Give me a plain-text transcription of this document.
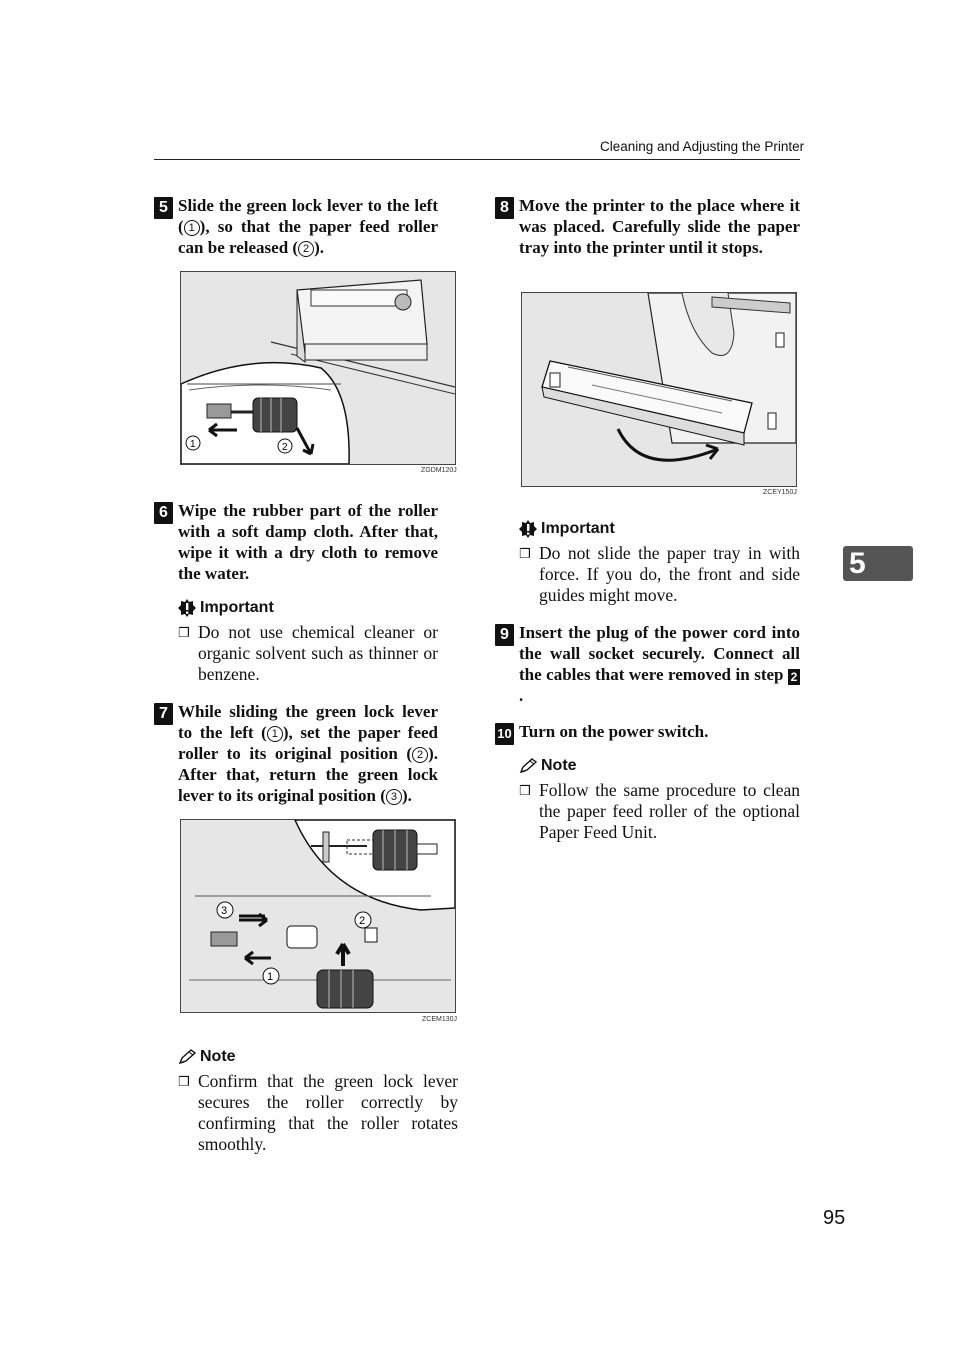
Cleaning and Adjusting the Printer
5 Slide the green lock lever to the left ( 1 ), so that the paper feed roller can be released ( 2 ).
1	2
ZGDM120J
6 Wipe the rubber part of the roller with a soft damp cloth. After that, wipe it with a dry cloth to remove the water.
Important
❒ Do not use chemical cleaner or organic solvent such as thinner or benzene.
7 While sliding the green lock lever to the left ( 1 ), set the paper feed roller to its original position ( 2 ). After that, return the green lock lever to its original position ( 3 ).
3
2
1
ZCEM130J
Note
❒ Confirm that the green lock lever secures the roller correctly by confirming that the roller rotates smoothly.
8 Move the printer to the place where it was placed. Carefully slide the paper tray into the printer until it stops.
ZCEY150J
Important
❒ Do not slide the paper tray in with force. If you do, the front and side guides might move.
9 Insert the plug of the power cord into the wall socket securely. Connect all the cables that were removed in step 2.
10 Turn on the power switch.
Note
❒ Follow the same procedure to clean the paper feed roller of the optional Paper Feed Unit.
5
95
